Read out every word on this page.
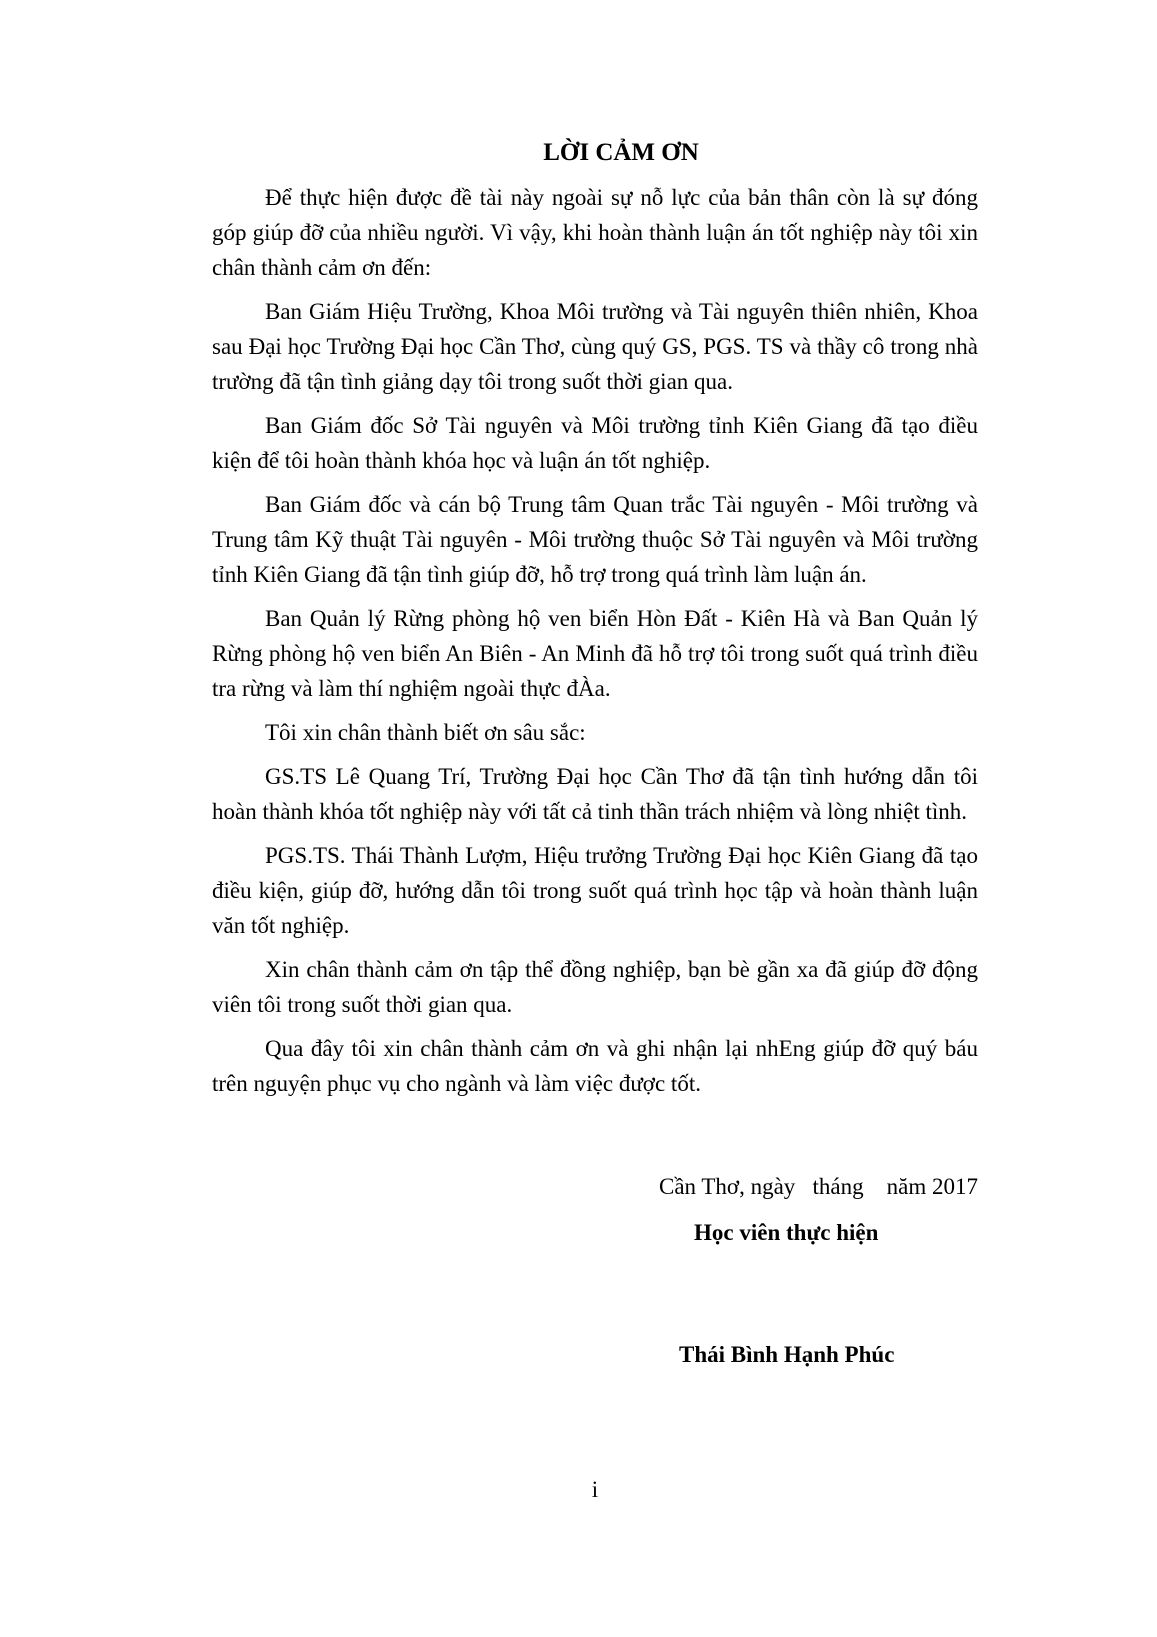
LỜI CẢM ƠN

Để thực hiện được đề tài này ngoài sự nỗ lực của bản thân còn là sự đóng góp giúp đỡ của nhiều người. Vì vậy, khi hoàn thành luận án tốt nghiệp này tôi xin chân thành cảm ơn đến:

Ban Giám Hiệu Trường, Khoa Môi trường và Tài nguyên thiên nhiên, Khoa sau Đại học Trường Đại học Cần Thơ, cùng quý GS, PGS. TS và thầy cô trong nhà trường đã tận tình giảng dạy tôi trong suốt thời gian qua.

Ban Giám đốc Sở Tài nguyên và Môi trường tỉnh Kiên Giang đã tạo điều kiện để tôi hoàn thành khóa học và luận án tốt nghiệp.

Ban Giám đốc và cán bộ Trung tâm Quan trắc Tài nguyên - Môi trường và Trung tâm Kỹ thuật Tài nguyên - Môi trường thuộc Sở Tài nguyên và Môi trường tỉnh Kiên Giang đã tận tình giúp đỡ, hỗ trợ trong quá trình làm luận án.

Ban Quản lý Rừng phòng hộ ven biển Hòn Đất - Kiên Hà và Ban Quản lý Rừng phòng hộ ven biển An Biên - An Minh đã hỗ trợ tôi trong suốt quá trình điều tra rừng và làm thí nghiệm ngoài thực đÀa.

Tôi xin chân thành biết ơn sâu sắc:

GS.TS Lê Quang Trí, Trường Đại học Cần Thơ đã tận tình hướng dẫn tôi hoàn thành khóa tốt nghiệp này với tất cả tinh thần trách nhiệm và lòng nhiệt tình.

PGS.TS. Thái Thành Lượm, Hiệu trưởng Trường Đại học Kiên Giang đã tạo điều kiện, giúp đỡ, hướng dẫn tôi trong suốt quá trình học tập và hoàn thành luận văn tốt nghiệp.

Xin chân thành cảm ơn tập thể đồng nghiệp, bạn bè gần xa đã giúp đỡ động viên tôi trong suốt thời gian qua.

Qua đây tôi xin chân thành cảm ơn và ghi nhận lại nhEng giúp đỡ quý báu trên nguyện phục vụ cho ngành và làm việc được tốt.

Cần Thơ, ngày   tháng    năm 2017
Học viên thực hiện
Thái Bình Hạnh Phúc
i
